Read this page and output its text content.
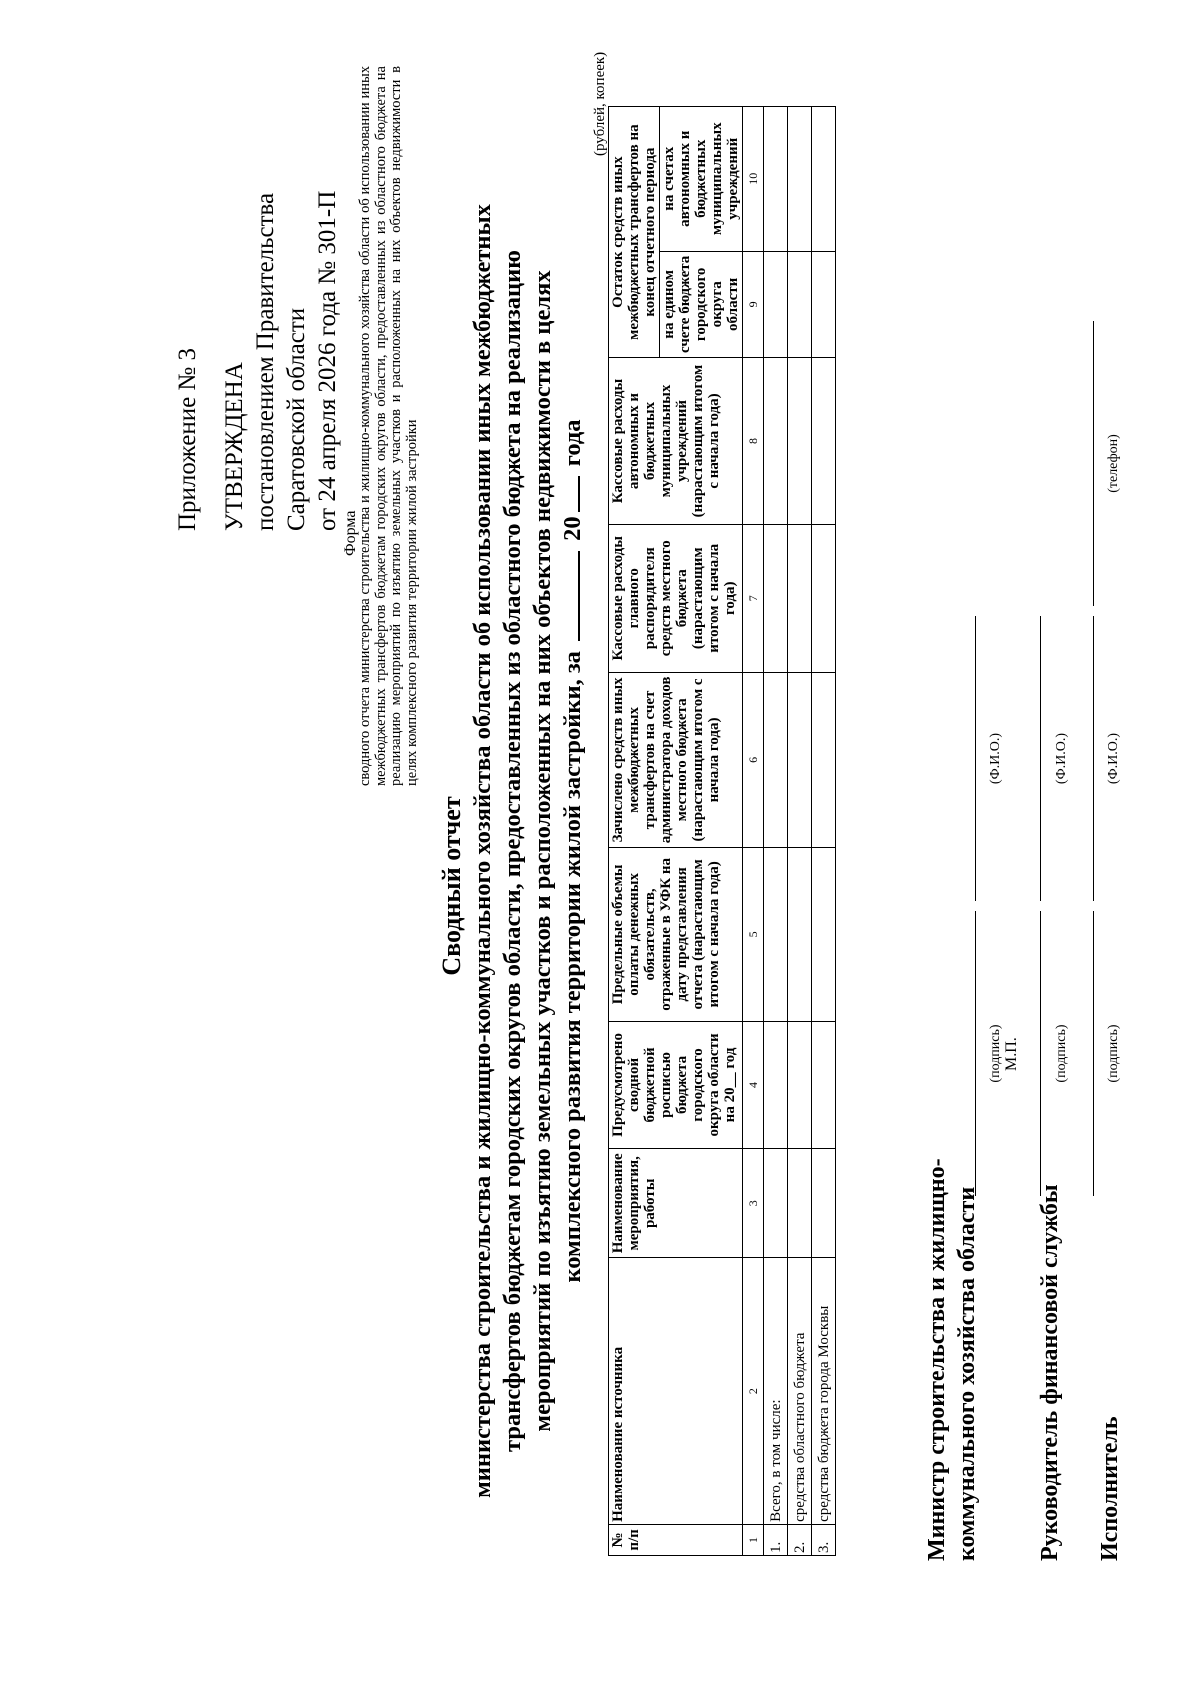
Приложение № 3 УТВЕРЖДЕНА постановлением Правительства Саратовской области от 24 апреля 2026 года № 301-П
Форма
сводного отчета министерства строительства и жилищно-коммунального хозяйства области об использовании иных межбюджетных трансфертов бюджетам городских округов области, предоставленных из областного бюджета на реализацию мероприятий по изъятию земельных участков и расположенных на них объектов недвижимости в целях комплексного развития территории жилой застройки
Сводный отчет министерства строительства и жилищно-коммунального хозяйства области об использовании иных межбюджетных трансфертов бюджетам городских округов области, предоставленных из областного бюджета на реализацию мероприятий по изъятию земельных участков и расположенных на них объектов недвижимости в целях комплексного развития территории жилой застройки, за  20 года
(рублей, копеек)
№ п/п	Наименование источника	Наименование мероприятия, работы	Предусмотрено сводной бюджетной росписью бюджета городского округа области на 20__ год	Предельные объемы оплаты денежных обязательств, отраженные в УФК на дату представления отчета (нарастающим итогом с начала года)	Зачислено средств иных межбюджетных трансфертов на счет администратора доходов местного бюджета (нарастающим итогом с начала года)	Кассовые расходы главного распорядителя средств местного бюджета (нарастающим итогом с начала года)	Кассовые расходы автономных и бюджетных муниципальных учреждений (нарастающим итогом с начала года)	Остаток средств иных межбюджетных трансфертов на конец отчетного периода	
								на едином счете бюджета городского округа области	на счетах автономных и бюджетных муниципальных учреждений
1	2	3	4	5	6	7	8	9	10
1.	Всего, в том числе:								
2.	средства областного бюджета								
3.	средства бюджета города Москвы									Министр строительства и жилищно- коммунального хозяйства области
(подпись)
(Ф.И.О.)
М.П.
Руководитель финансовой службы
(подпись)
(Ф.И.О.)
Исполнитель
(подпись)
(Ф.И.О.)
(телефон)
